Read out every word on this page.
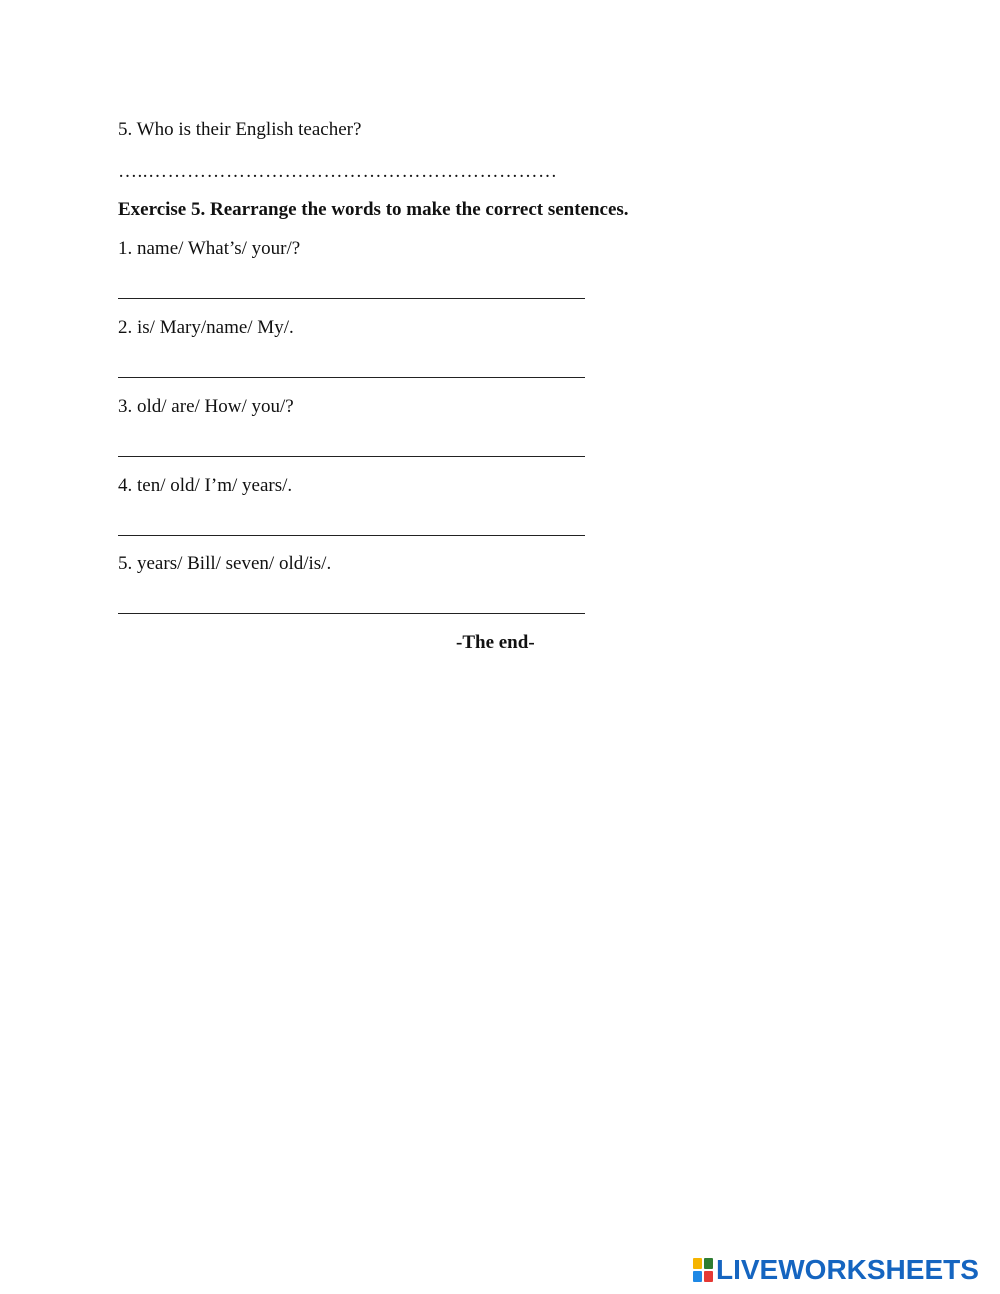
5. Who is their English teacher?
…..………………………………………………………
Exercise 5. Rearrange the words to make the correct sentences.
1. name/ What’s/ your/?
2. is/ Mary/name/ My/.
3. old/ are/ How/ you/?
4. ten/ old/ I’m/ years/.
5. years/ Bill/ seven/ old/is/.
-The end-
LIVEWORKSHEETS
